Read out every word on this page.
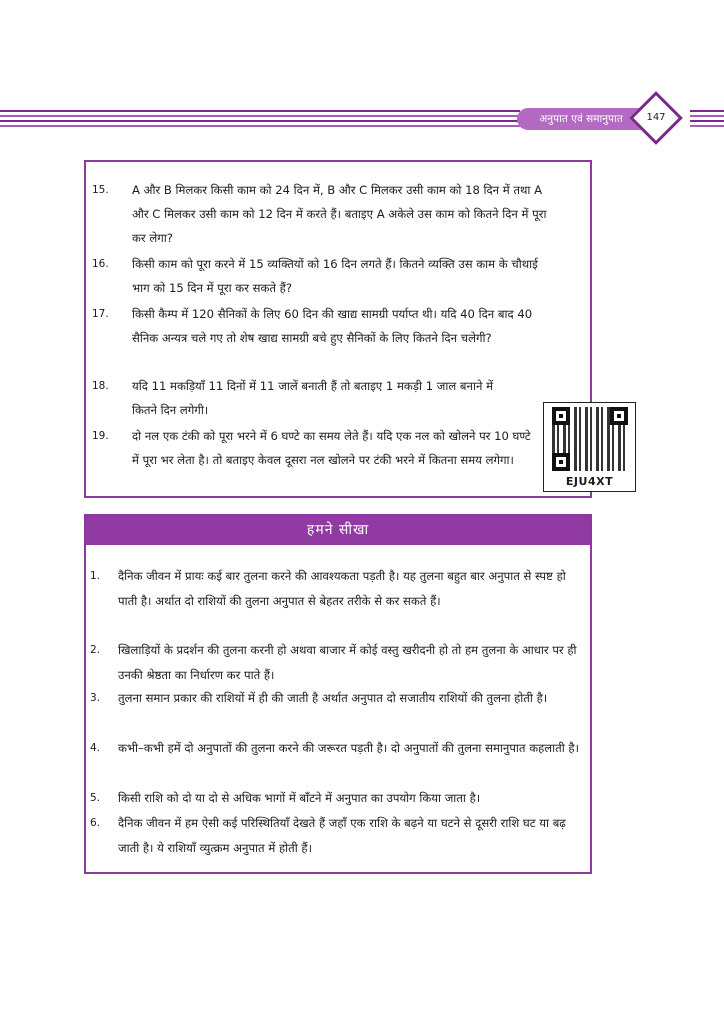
अनुपात एवं समानुपात	147
15.	A और B मिलकर किसी काम को 24 दिन में, B और C मिलकर उसी काम को 18 दिन में तथा A और C मिलकर उसी काम को 12 दिन में करते हैं। बताइए A अकेले उस काम को कितने दिन में पूरा कर लेगा?
16.	किसी काम को पूरा करने में 15 व्यक्तियों को 16 दिन लगते हैं। कितने व्यक्ति उस काम के चौथाई भाग को 15 दिन में पूरा कर सकते हैं?
17.	किसी कैम्प में 120 सैनिकों के लिए 60 दिन की खाद्य सामग्री पर्याप्त थी। यदि 40 दिन बाद 40 सैनिक अन्यत्र चले गए तो शेष खाद्य सामग्री बचे हुए सैनिकों के लिए कितने दिन चलेगी?
18.	यदि 11 मकड़ियाँ 11 दिनों में 11 जालें बनाती हैं तो बताइए 1 मकड़ी 1 जाल बनाने में कितने दिन लगेगी।
19.	दो नल एक टंकी को पूरा भरने में 6 घण्टे का समय लेते हैं। यदि एक नल को खोलने पर 10 घण्टे में पूरा भर लेता है। तो बताइए केवल दूसरा नल खोलने पर टंकी भरने में कितना समय लगेगा।
EJU4XT
हमने सीखा
1.	दैनिक जीवन में प्रायः कई बार तुलना करने की आवश्यकता पड़ती है। यह तुलना बहुत बार अनुपात से स्पष्ट हो पाती है। अर्थात दो राशियों की तुलना अनुपात से बेहतर तरीके से कर सकते हैं।
2.	खिलाड़ियों के प्रदर्शन की तुलना करनी हो अथवा बाजार में कोई वस्तु खरीदनी हो तो हम तुलना के आधार पर ही उनकी श्रेष्ठता का निर्धारण कर पाते हैं।
3.	तुलना समान प्रकार की राशियों में ही की जाती है अर्थात अनुपात दो सजातीय राशियों की तुलना होती है।
4.	कभी–कभी हमें दो अनुपातों की तुलना करने की जरूरत पड़ती है। दो अनुपातों की तुलना समानुपात कहलाती है।
5.	किसी राशि को दो या दो से अधिक भागों में बाँटने में अनुपात का उपयोग किया जाता है।
6.	दैनिक जीवन में हम ऐसी कई परिस्थितियाँ देखते हैं जहाँ एक राशि के बढ़ने या घटने से दूसरी राशि घट या बढ़ जाती है। ये राशियाँ व्युत्क्रम अनुपात में होती हैं।
